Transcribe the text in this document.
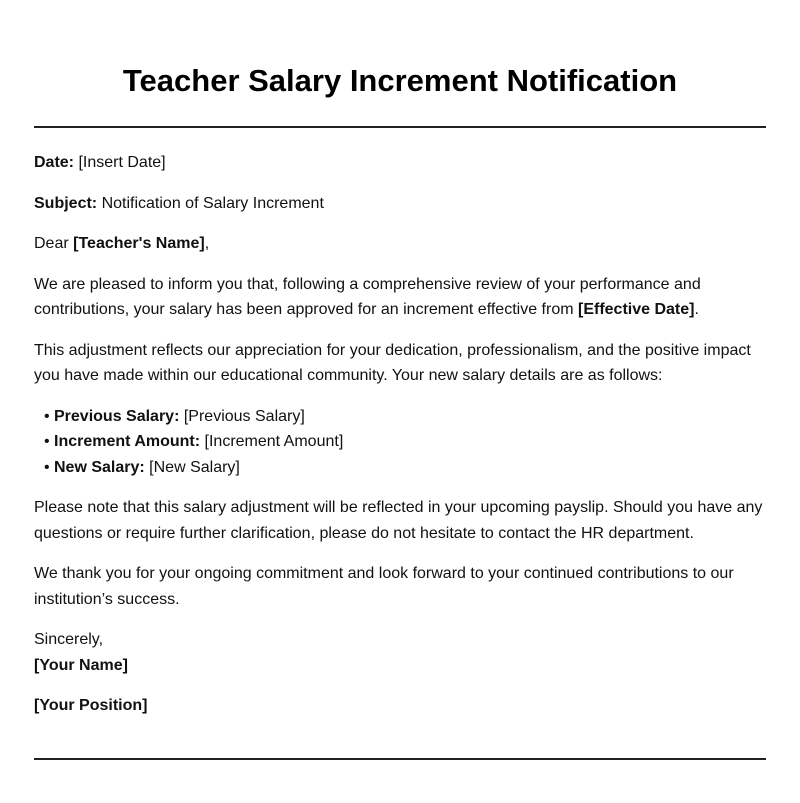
Teacher Salary Increment Notification

Date: [Insert Date]

Subject: Notification of Salary Increment

Dear [Teacher's Name],

We are pleased to inform you that, following a comprehensive review of your performance and contributions, your salary has been approved for an increment effective from [Effective Date].

This adjustment reflects our appreciation for your dedication, professionalism, and the positive impact you have made within our educational community. Your new salary details are as follows:

• Previous Salary: [Previous Salary]
• Increment Amount: [Increment Amount]
• New Salary: [New Salary]

Please note that this salary adjustment will be reflected in your upcoming payslip. Should you have any questions or require further clarification, please do not hesitate to contact the HR department.

We thank you for your ongoing commitment and look forward to your continued contributions to our institution’s success.

Sincerely,
[Your Name]

[Your Position]
